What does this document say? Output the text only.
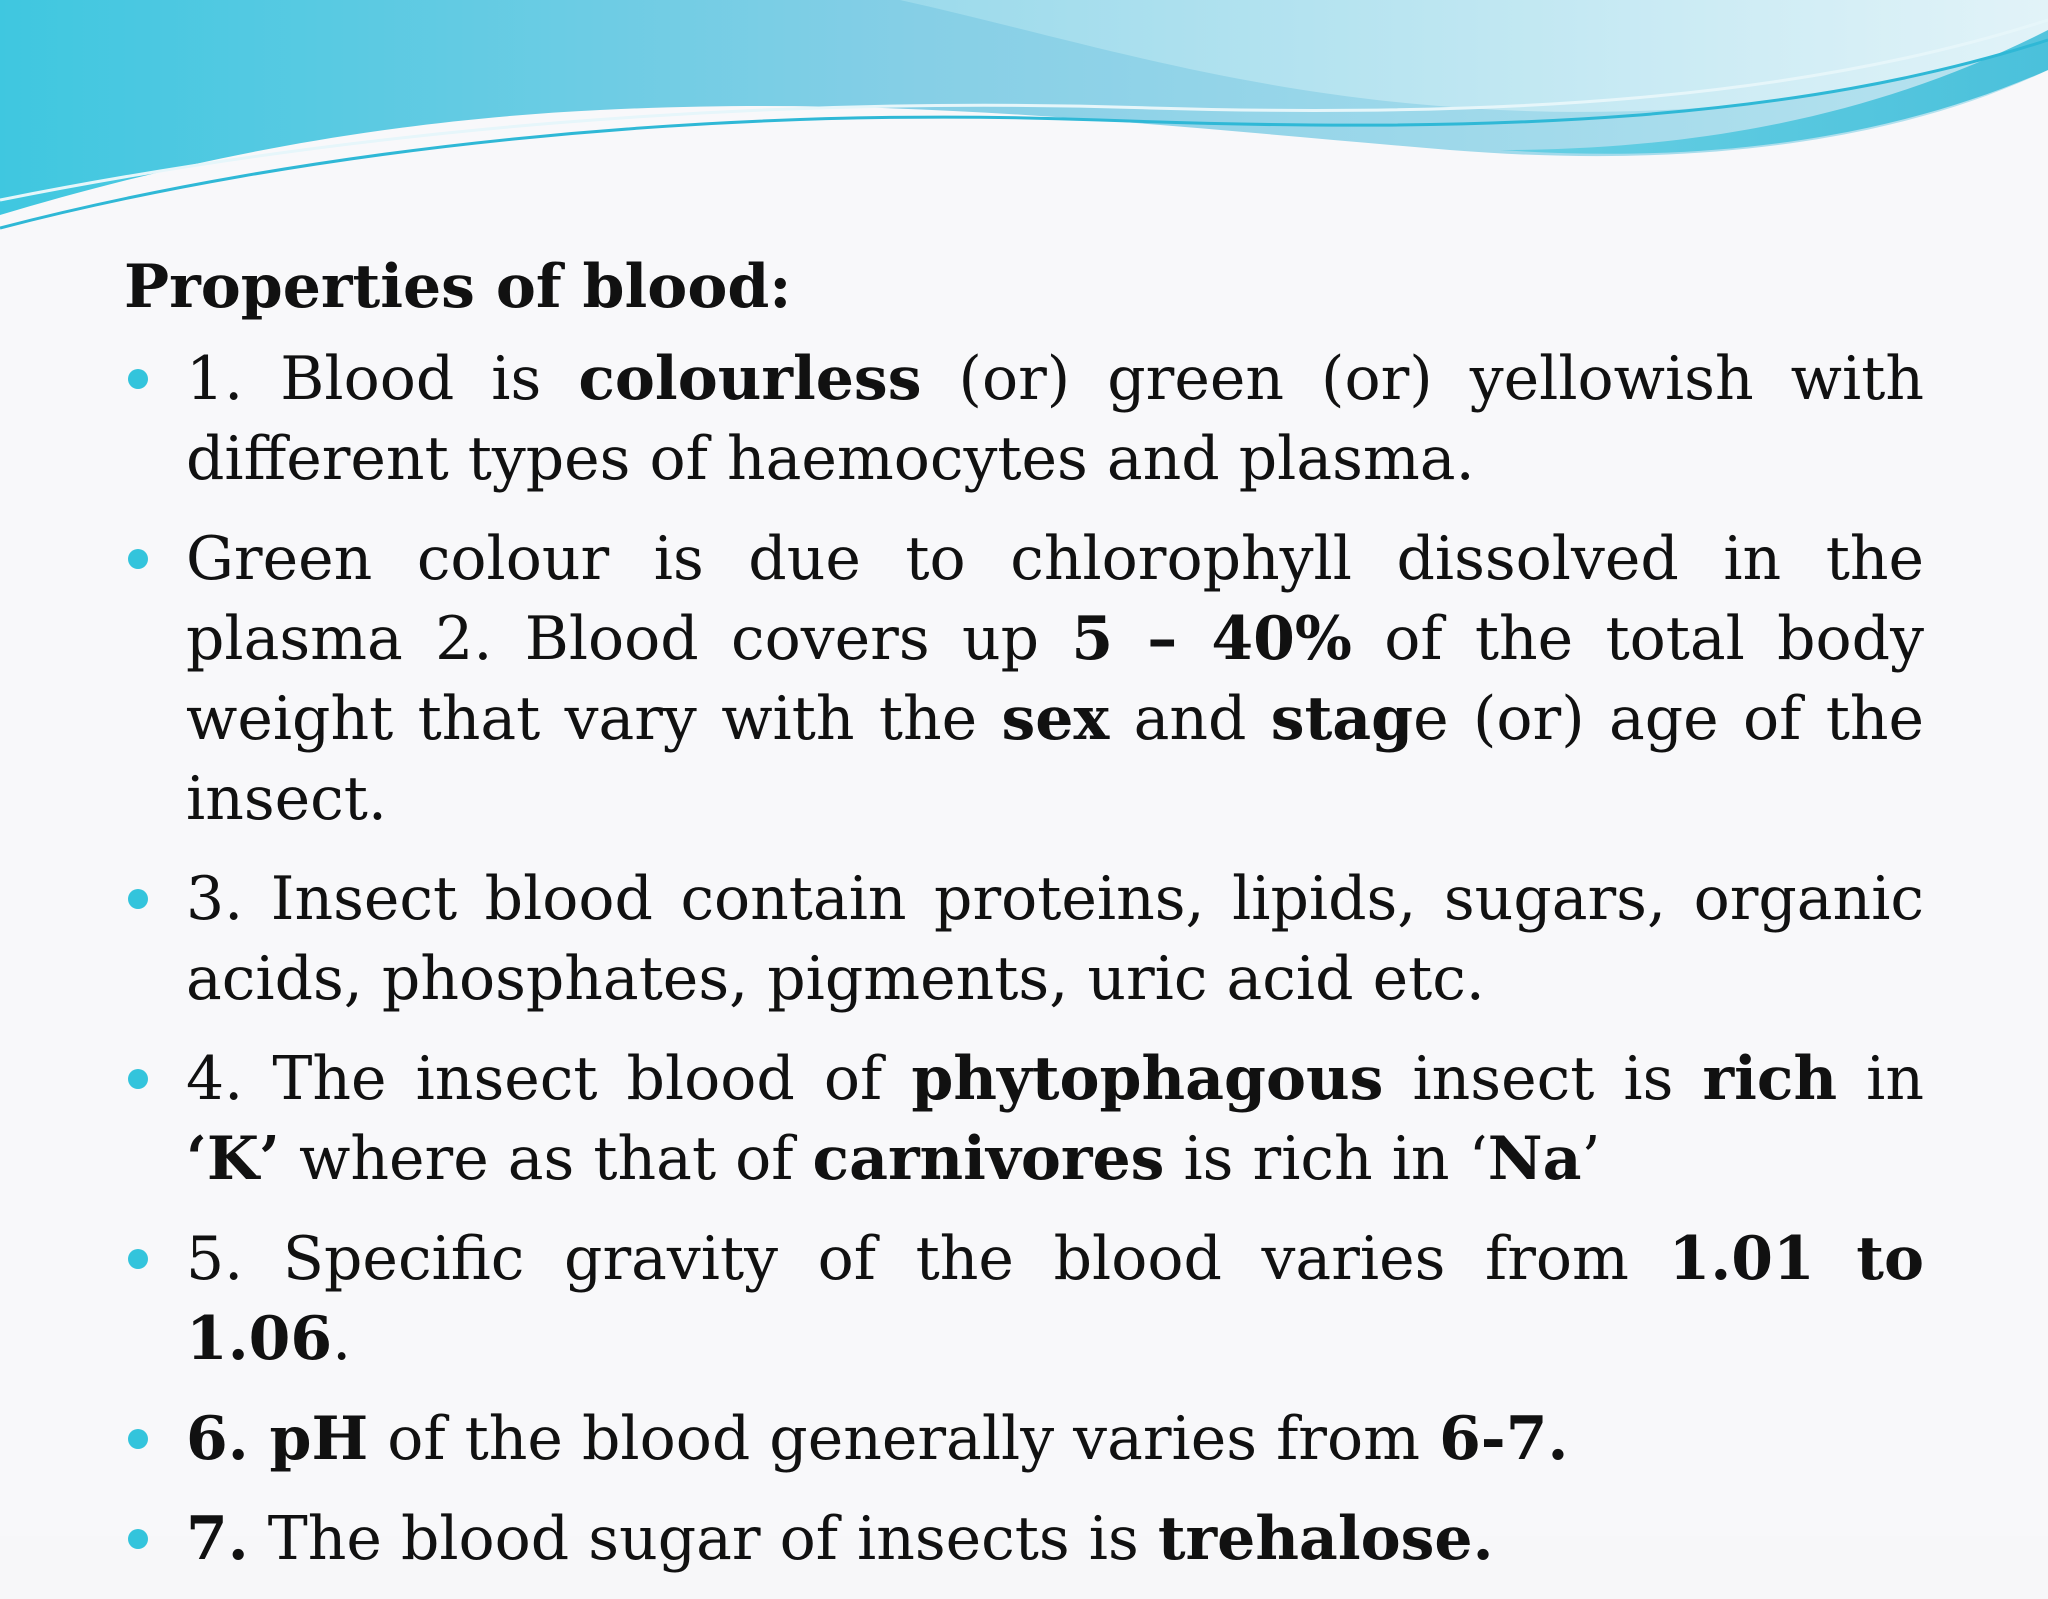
Properties of blood:
1. Blood is colourless (or) green (or) yellowish with different types of haemocytes and plasma.
Green colour is due to chlorophyll dissolved in the plasma 2. Blood covers up 5 – 40% of the total body weight that vary with the sex and stage (or) age of the insect.
3. Insect blood contain proteins, lipids, sugars, organic acids, phosphates, pigments, uric acid etc.
4. The insect blood of phytophagous insect is rich in ‘K’ where as that of carnivores is rich in ‘Na’
5. Specific gravity of the blood varies from 1.01 to 1.06.
6. pH of the blood generally varies from 6-7.
7. The blood sugar of insects is trehalose.
